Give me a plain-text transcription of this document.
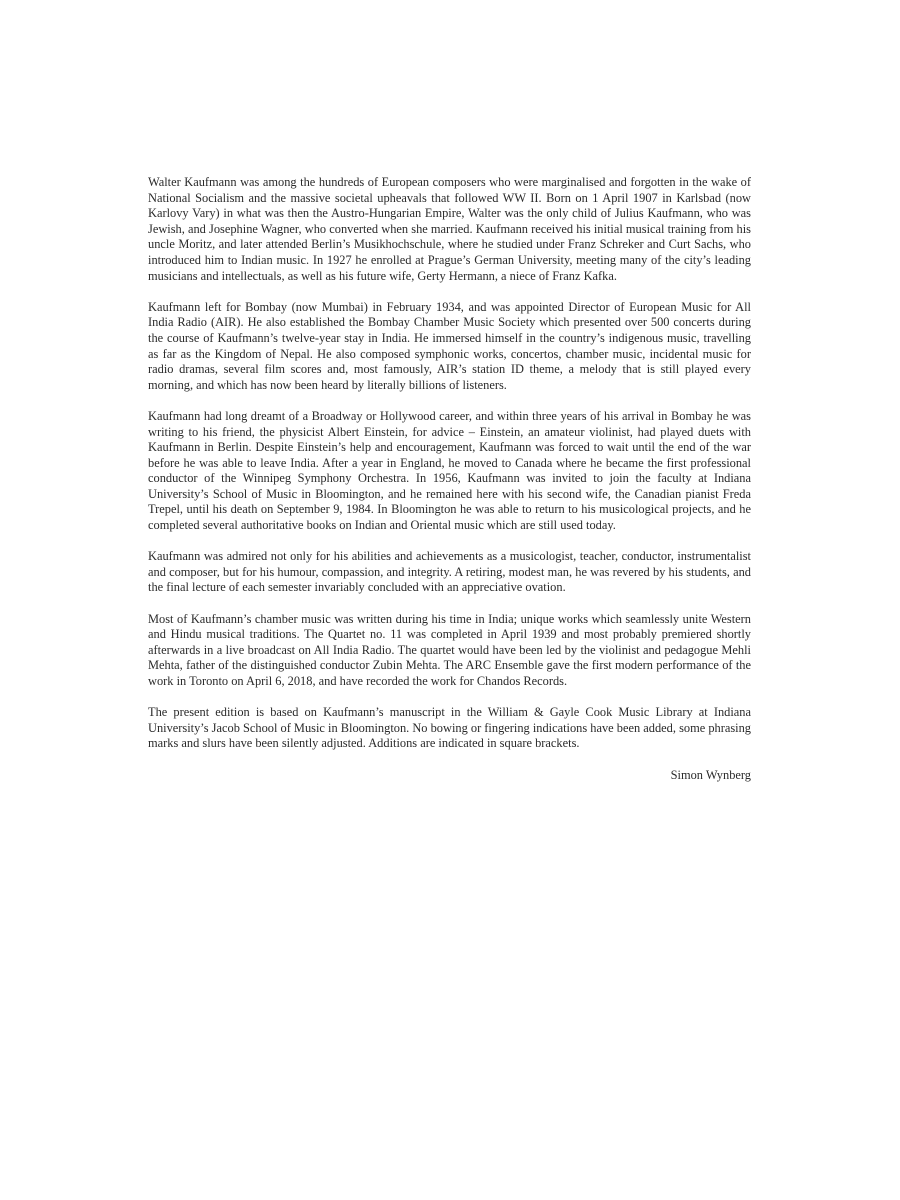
Walter Kaufmann was among the hundreds of European composers who were marginalised and forgotten in the wake of National Socialism and the massive societal upheavals that followed WW II. Born on 1 April 1907 in Karlsbad (now Karlovy Vary) in what was then the Austro-Hungarian Empire, Walter was the only child of Julius Kaufmann, who was Jewish, and Josephine Wagner, who converted when she married. Kaufmann received his initial musical training from his uncle Moritz, and later attended Berlin’s Musikhochschule, where he studied under Franz Schreker and Curt Sachs, who introduced him to Indian music. In 1927 he enrolled at Prague’s German University, meeting many of the city’s leading musicians and intellectuals, as well as his future wife, Gerty Hermann, a niece of Franz Kafka.

Kaufmann left for Bombay (now Mumbai) in February 1934, and was appointed Director of European Music for All India Radio (AIR). He also established the Bombay Chamber Music Society which presented over 500 concerts during the course of Kaufmann’s twelve-year stay in India. He immersed himself in the country’s indigenous music, travelling as far as the Kingdom of Nepal. He also composed symphonic works, concertos, chamber music, incidental music for radio dramas, several film scores and, most famously, AIR’s station ID theme, a melody that is still played every morning, and which has now been heard by literally billions of listeners.

Kaufmann had long dreamt of a Broadway or Hollywood career, and within three years of his arrival in Bombay he was writing to his friend, the physicist Albert Einstein, for advice – Einstein, an amateur violinist, had played duets with Kaufmann in Berlin. Despite Einstein’s help and encouragement, Kaufmann was forced to wait until the end of the war before he was able to leave India. After a year in England, he moved to Canada where he became the first professional conductor of the Winnipeg Symphony Orchestra. In 1956, Kaufmann was invited to join the faculty at Indiana University’s School of Music in Bloomington, and he remained here with his second wife, the Canadian pianist Freda Trepel, until his death on September 9, 1984. In Bloomington he was able to return to his musicological projects, and he completed several authoritative books on Indian and Oriental music which are still used today.

Kaufmann was admired not only for his abilities and achievements as a musicologist, teacher, conductor, instrumentalist and composer, but for his humour, compassion, and integrity. A retiring, modest man, he was revered by his students, and the final lecture of each semester invariably concluded with an appreciative ovation.

Most of Kaufmann’s chamber music was written during his time in India; unique works which seamlessly unite Western and Hindu musical traditions. The Quartet no. 11 was completed in April 1939 and most probably premiered shortly afterwards in a live broadcast on All India Radio. The quartet would have been led by the violinist and pedagogue Mehli Mehta, father of the distinguished conductor Zubin Mehta. The ARC Ensemble gave the first modern performance of the work in Toronto on April 6, 2018, and have recorded the work for Chandos Records.

The present edition is based on Kaufmann’s manuscript in the William & Gayle Cook Music Library at Indiana University’s Jacob School of Music in Bloomington. No bowing or fingering indications have been added, some phrasing marks and slurs have been silently adjusted. Additions are indicated in square brackets.

Simon Wynberg
